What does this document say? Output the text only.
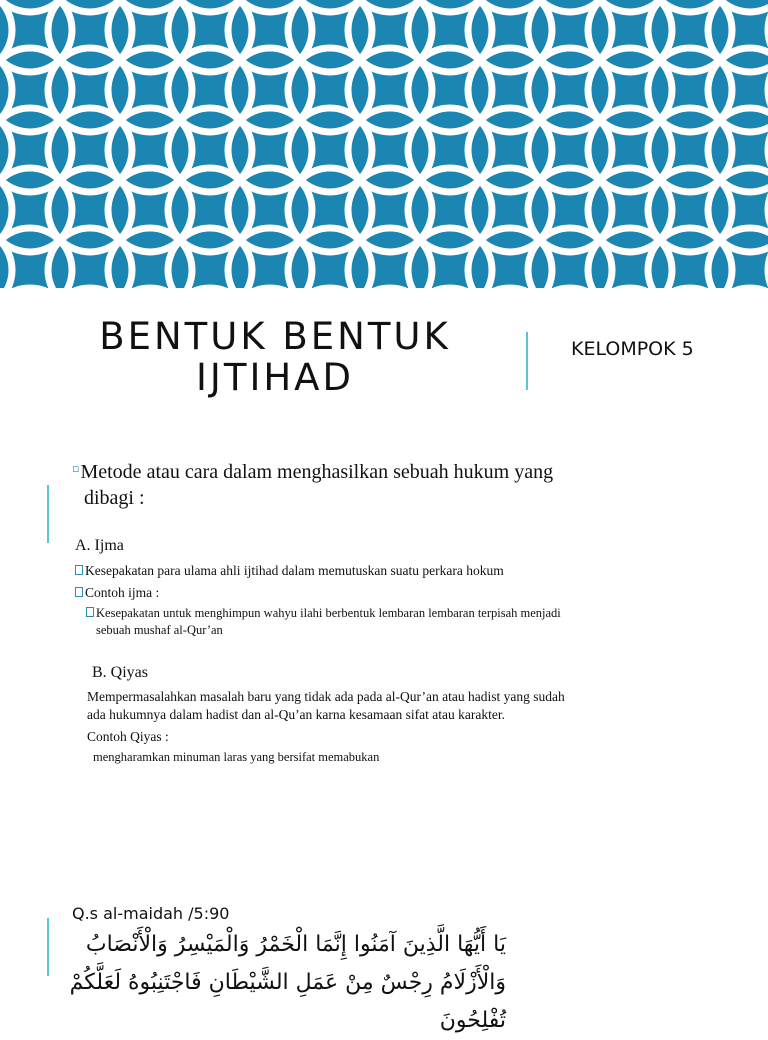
BENTUK BENTUK
IJTIHAD
KELOMPOK 5
▫Metode atau cara dalam menghasilkan sebuah hukum yang
dibagi :
A. Ijma
Kesepakatan para ulama ahli ijtihad dalam memutuskan suatu perkara hokum
Contoh ijma :
Kesepakatan untuk menghimpun wahyu ilahi berbentuk lembaran lembaran terpisah menjadi
sebuah mushaf al-Qur’an
B. Qiyas
Mempermasalahkan masalah baru yang tidak ada pada al-Qur’an atau hadist yang sudah
ada hukumnya dalam hadist dan al-Qu’an karna kesamaan sifat atau karakter.
Contoh Qiyas :
mengharamkan minuman laras yang bersifat memabukan
Q.s al-maidah /5:90
يَا أَيُّهَا الَّذِينَ آمَنُوا إِنَّمَا الْخَمْرُ وَالْمَيْسِرُ وَالْأَنْصَابُ
وَالْأَزْلَامُ رِجْسٌ مِنْ عَمَلِ الشَّيْطَانِ فَاجْتَنِبُوهُ لَعَلَّكُمْ
تُفْلِحُونَ
